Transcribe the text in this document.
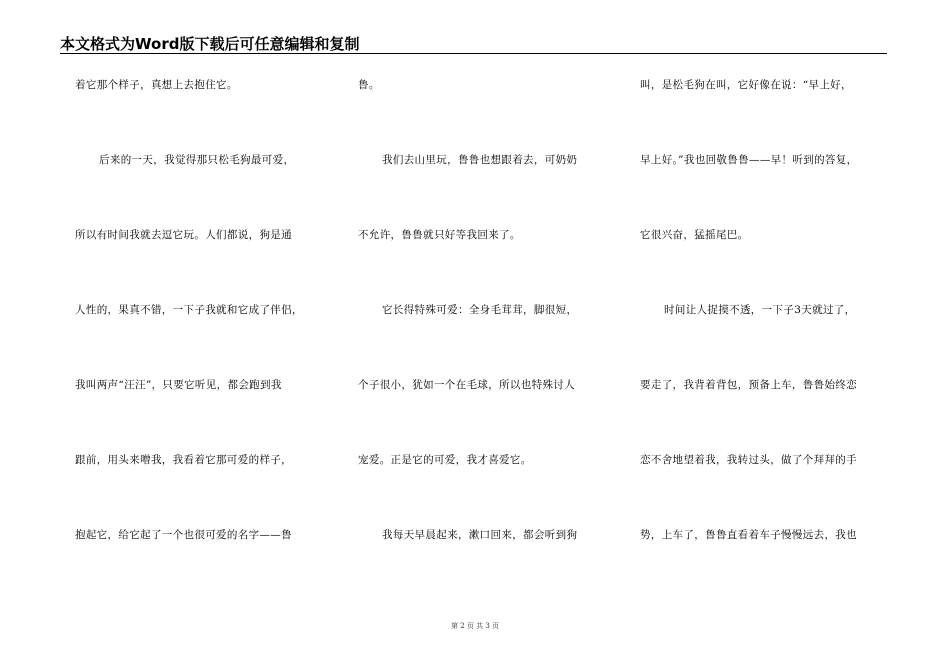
本文格式为Word版下载后可任意编辑和复制
着它那个样子，真想上去抱住它。
后来的一天，我觉得那只松毛狗最可爱，
所以有时间我就去逗它玩。人们都说，狗是通
人性的，果真不错，一下子我就和它成了伴侣，
我叫两声“汪汪”，只要它听见，都会跑到我
跟前，用头来噌我，我看着它那可爱的样子，
抱起它，给它起了一个也很可爱的名字——鲁
鲁。
我们去山里玩，鲁鲁也想跟着去，可奶奶
不允许，鲁鲁就只好等我回来了。
它长得特殊可爱：全身毛茸茸，脚很短，
个子很小，犹如一个在毛球，所以也特殊讨人
宠爱。正是它的可爱，我才喜爱它。
我每天早晨起来，漱口回来，都会听到狗
叫，是松毛狗在叫，它好像在说：“早上好，
早上好。”我也回敬鲁鲁——早！听到的答复，
它很兴奋，猛摇尾巴。
时间让人捉摸不透，一下子3天就过了，
要走了，我背着背包，预备上车，鲁鲁始终恋
恋不舍地望着我，我转过头，做了个拜拜的手
势，上车了，鲁鲁直看着车子慢慢远去，我也
第 2 页 共 3 页
